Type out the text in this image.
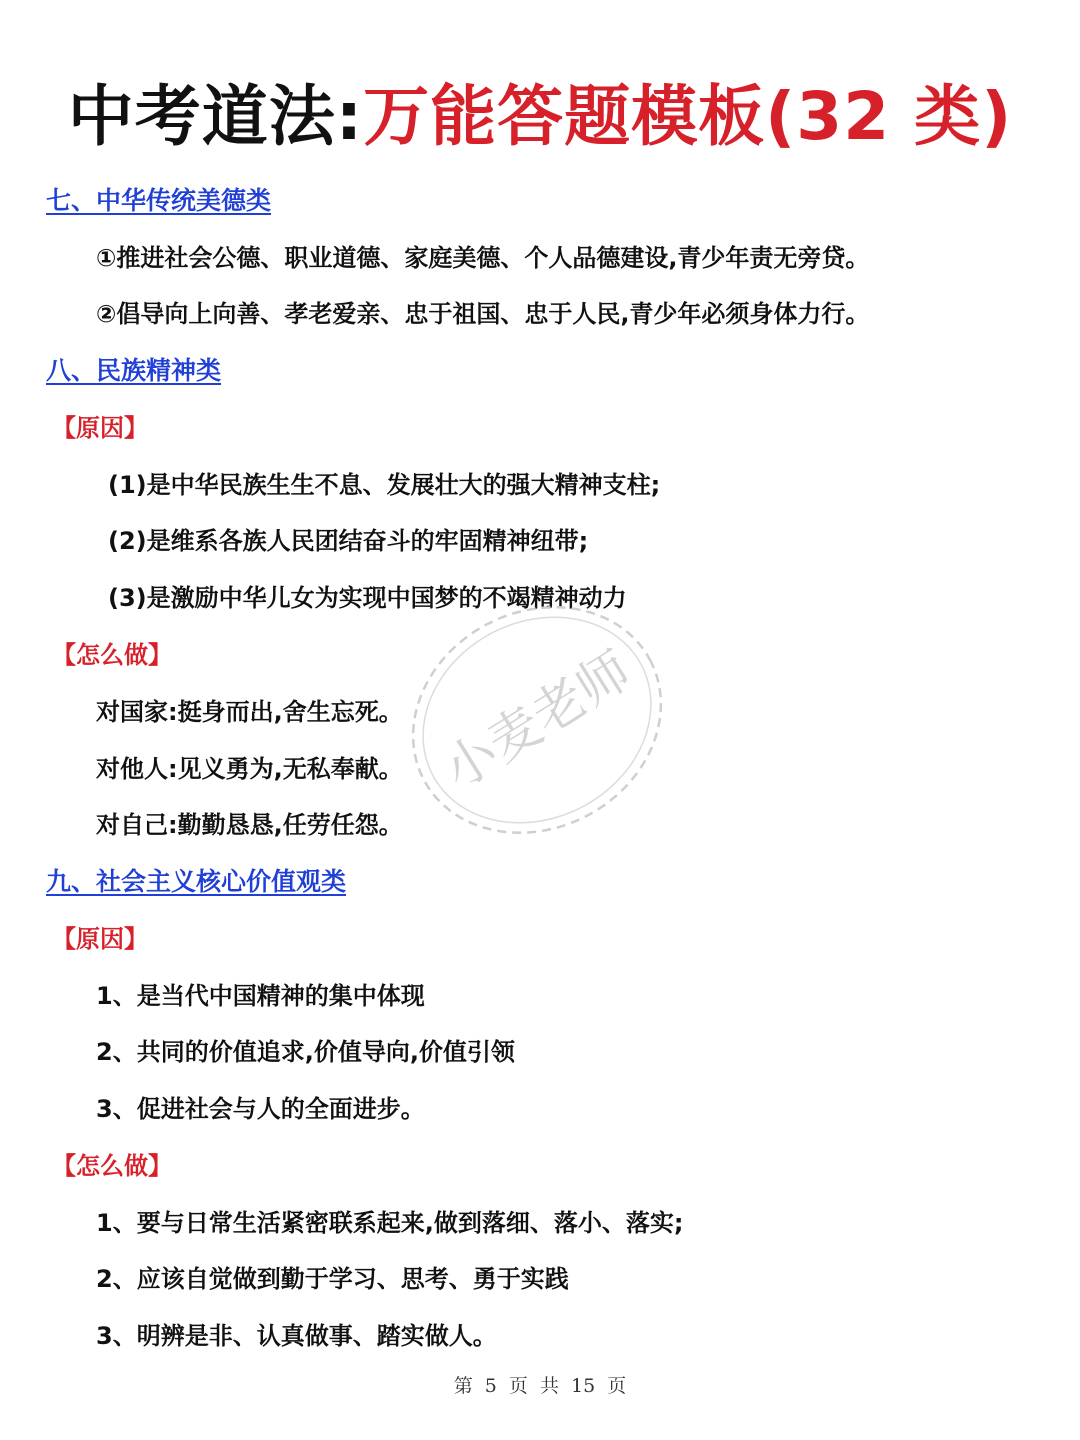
中考道法:万能答题模板(32 类)
七、中华传统美德类
①推进社会公德、职业道德、家庭美德、个人品德建设,青少年责无旁贷。
②倡导向上向善、孝老爱亲、忠于祖国、忠于人民,青少年必须身体力行。
八、民族精神类
【原因】
(1)是中华民族生生不息、发展壮大的强大精神支柱;
(2)是维系各族人民团结奋斗的牢固精神纽带;
(3)是激励中华儿女为实现中国梦的不竭精神动力
【怎么做】
对国家:挺身而出,舍生忘死。
对他人:见义勇为,无私奉献。
对自己:勤勤恳恳,任劳任怨。
九、社会主义核心价值观类
【原因】
1、是当代中国精神的集中体现
2、共同的价值追求,价值导向,价值引领
3、促进社会与人的全面进步。
【怎么做】
1、要与日常生活紧密联系起来,做到落细、落小、落实;
2、应该自觉做到勤于学习、思考、勇于实践
3、明辨是非、认真做事、踏实做人。
第 5 页 共 15 页
小麦老师
